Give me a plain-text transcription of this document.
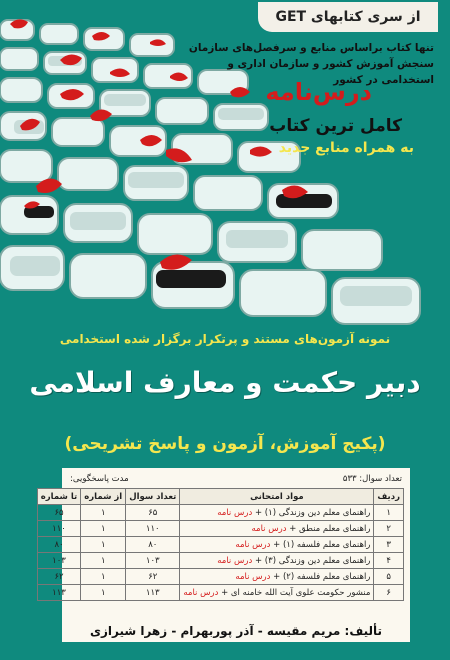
از سری کتابهای GET
تنها کتاب براساس منابع و سرفصل‌های سازمان سنجش آموزش کشور و سازمان اداری و استخدامی در کشور
درس‌نامه
کامل ترین کتاب
به همراه منابع جدید
نمونه آزمون‌های مستند و پرتکرار برگزار شده استخدامی
دبیر حکمت و معارف اسلامی
(پکیج آموزش، آزمون و پاسخ تشریحی)
تعداد سوال: ۵۳۳
مدت پاسخگویی:
ردیف	مواد امتحانی	تعداد سوال	از شماره	تا شماره
۱	راهنمای معلم دین وزندگی (۱) + درس نامه	۶۵	۱	۶۵
۲	راهنمای معلم منطق + درس نامه	۱۱۰	۱	۱۱۰
۳	راهنمای معلم فلسفه (۱) + درس نامه	۸۰	۱	۸۰
۴	راهنمای معلم دین وزندگی (۳) + درس نامه	۱۰۳	۱	۱۰۳
۵	راهنمای معلم فلسفه (۲) + درس نامه	۶۲	۱	۶۲
۶	منشور حکومت علوی آیت الله خامنه ای + درس نامه	۱۱۳	۱	۱۱۳
تألیف: مریم مقیسه - آذر پوربهرام - زهرا شیرازی
